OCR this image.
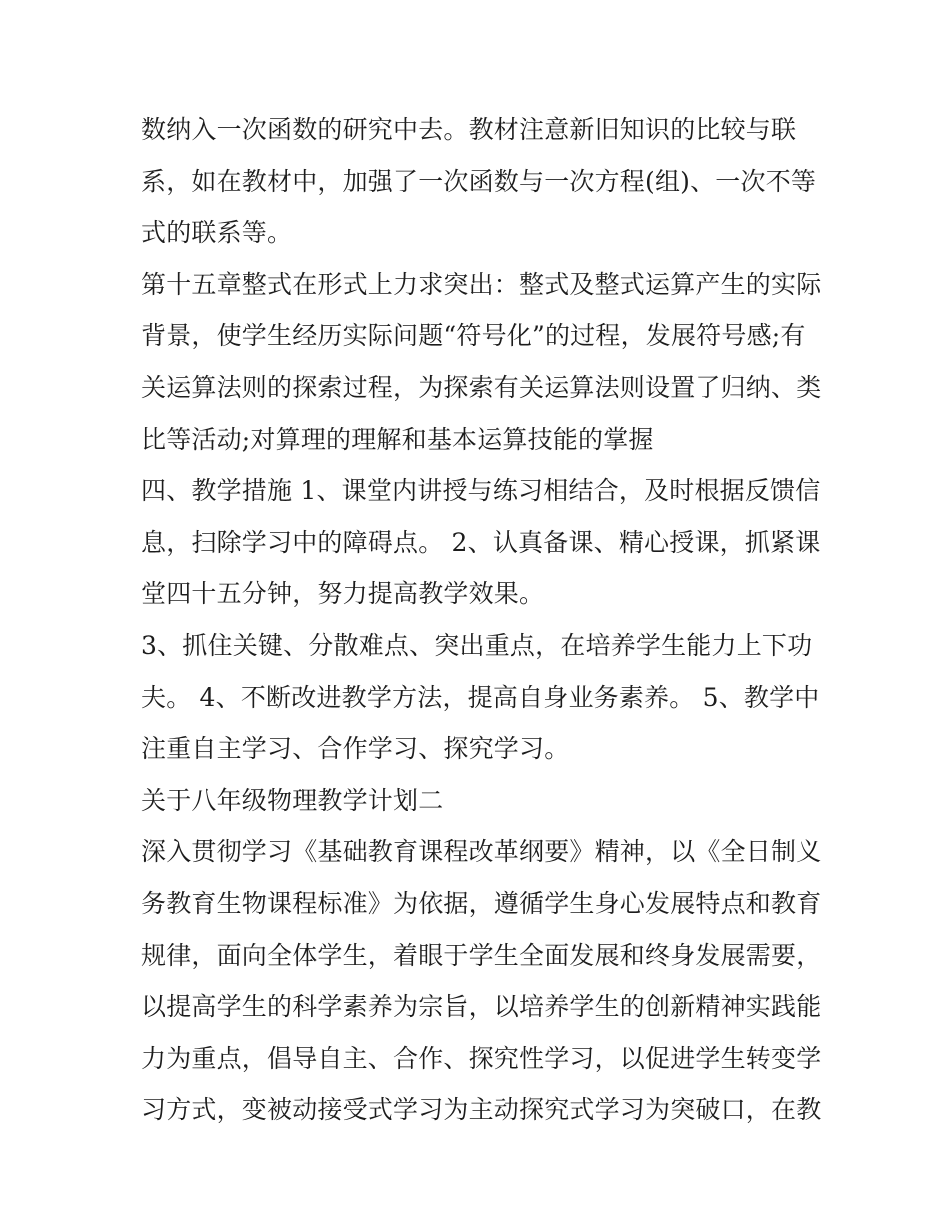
数纳入一次函数的研究中去。教材注意新旧知识的比较与联
系，如在教材中，加强了一次函数与一次方程(组)、一次不等
式的联系等。
第十五章整式在形式上力求突出：整式及整式运算产生的实际
背景，使学生经历实际问题“符号化”的过程，发展符号感;有
关运算法则的探索过程，为探索有关运算法则设置了归纳、类
比等活动;对算理的理解和基本运算技能的掌握
四、教学措施 1、课堂内讲授与练习相结合，及时根据反馈信
息，扫除学习中的障碍点。 2、认真备课、精心授课，抓紧课
堂四十五分钟，努力提高教学效果。
3、抓住关键、分散难点、突出重点，在培养学生能力上下功
夫。 4、不断改进教学方法，提高自身业务素养。 5、教学中
注重自主学习、合作学习、探究学习。
关于八年级物理教学计划二
深入贯彻学习《基础教育课程改革纲要》精神，以《全日制义
务教育生物课程标准》为依据，遵循学生身心发展特点和教育
规律，面向全体学生，着眼于学生全面发展和终身发展需要，
以提高学生的科学素养为宗旨，以培养学生的创新精神实践能
力为重点，倡导自主、合作、探究性学习，以促进学生转变学
习方式，变被动接受式学习为主动探究式学习为突破口，在教
